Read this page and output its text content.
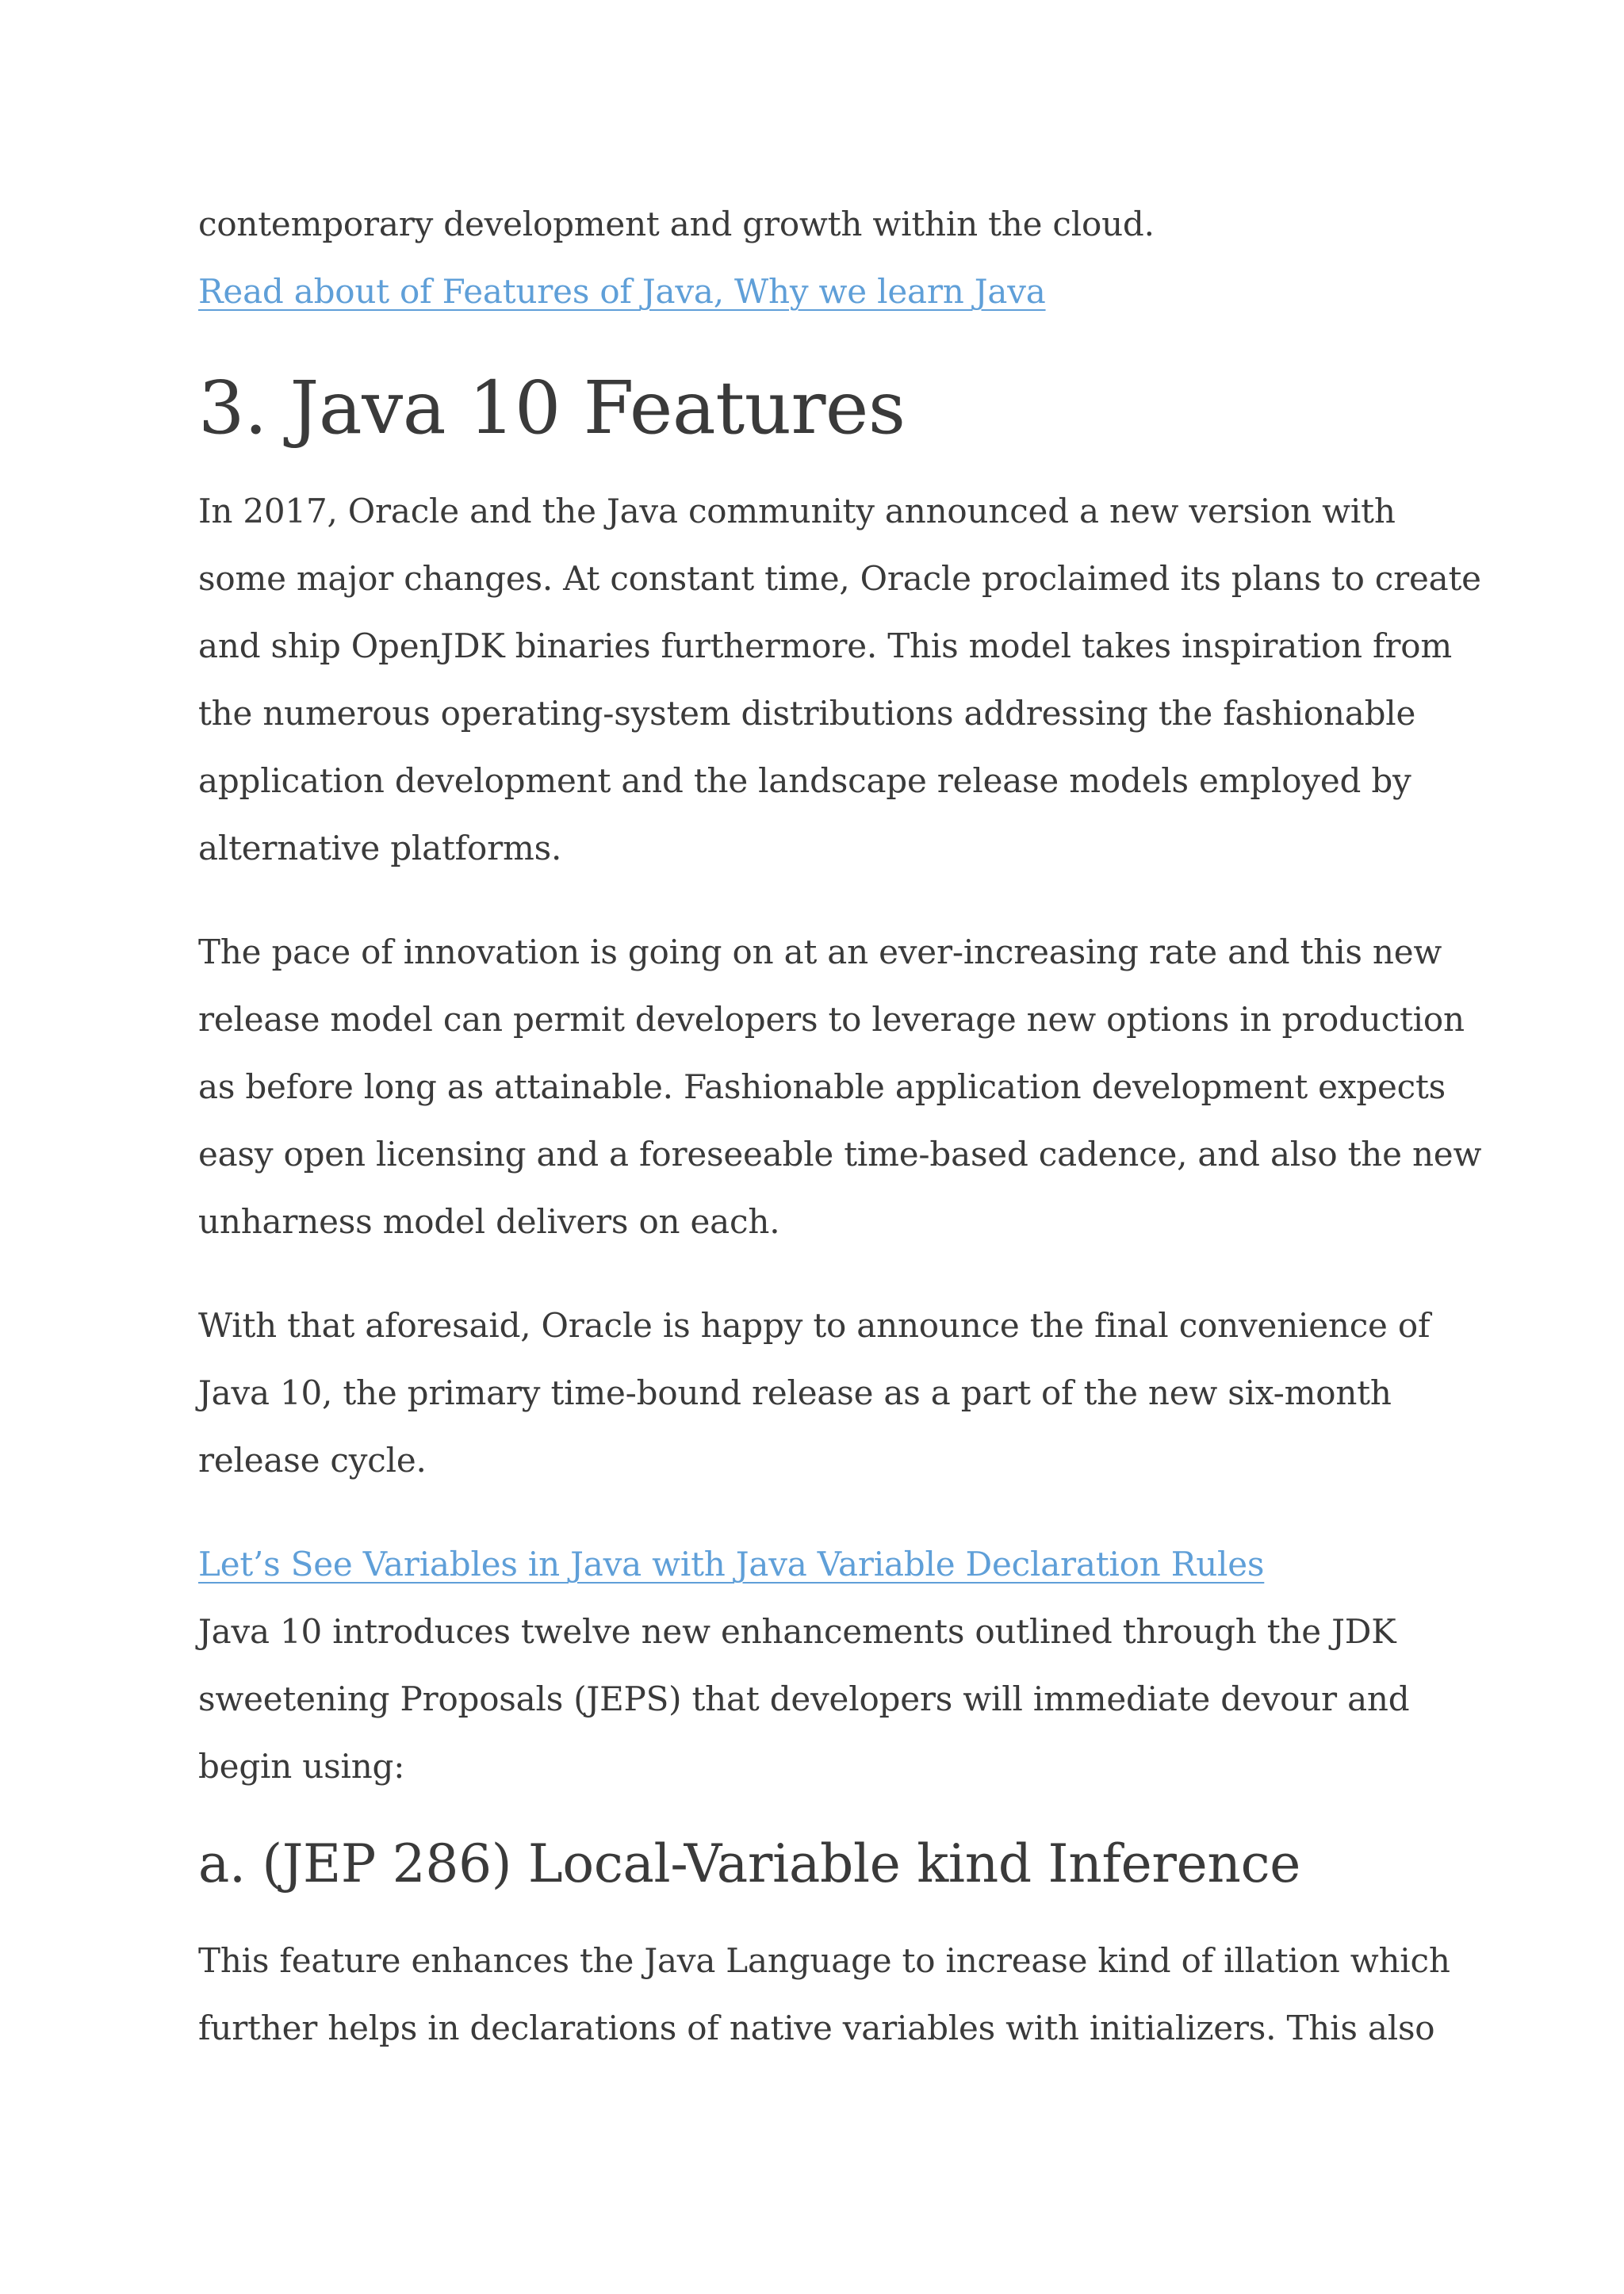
contemporary development and growth within the cloud.

Read about of Features of Java, Why we learn Java
3. Java 10 Features

In 2017, Oracle and the Java community announced a new version with
some major changes. At constant time, Oracle proclaimed its plans to create
and ship OpenJDK binaries furthermore. This model takes inspiration from
the numerous operating-system distributions addressing the fashionable
application development and the landscape release models employed by
alternative platforms.

The pace of innovation is going on at an ever-increasing rate and this new
release model can permit developers to leverage new options in production
as before long as attainable. Fashionable application development expects
easy open licensing and a foreseeable time-based cadence, and also the new
unharness model delivers on each.

With that aforesaid, Oracle is happy to announce the final convenience of
Java 10, the primary time-bound release as a part of the new six-month
release cycle.

Let’s See Variables in Java with Java Variable Declaration Rules

Java 10 introduces twelve new enhancements outlined through the JDK
sweetening Proposals (JEPS) that developers will immediate devour and
begin using:

a. (JEP 286) Local-Variable kind Inference

This feature enhances the Java Language to increase kind of illation which
further helps in declarations of native variables with initializers. This also
